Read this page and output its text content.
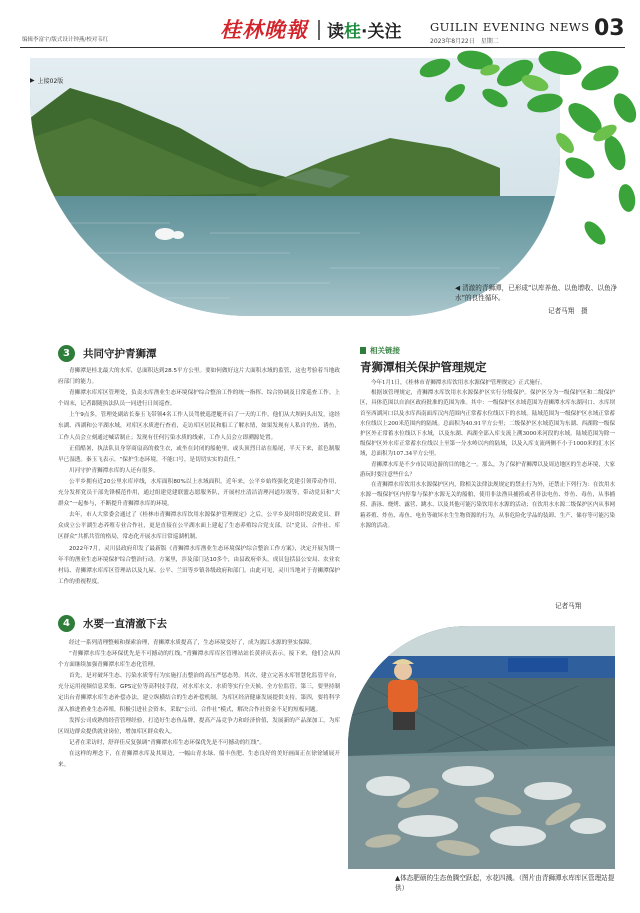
编辑李富宇/版式设计钟燕/校对韦红	桂林晚報 读桂·关注 GUILIN EVENING NEWS
2023年8月22日　星期二
03
▶ 上接02版
◀ 清澈的青狮潭，已形成“以库养鱼、以鱼增收、以鱼净水”的良性循环。
记者马翔　摄
3	共同守护青狮潭

青狮潭是桂北最大的水库，总面积达到28.5平方公里。要如何做好这片大面积水域的监管，这也考验着当地政府部门的能力。

青狮潭水库库区管理处，负责水库渔业生态环境保护综合整治工作的统一指挥、综合协调及日常巡查工作。上个周末，记者跟随执法队员一同进行日间巡查。

上午9点多，管理处副站长秦玉飞带领4名工作人员驾驶巡逻艇开启了一天的工作。他们从大坝码头出发，途经东湖、西湖和公平湖水域，对库区水质进行查看，走访库区居民和船工了解水情，如果发现有人私自钓鱼、诱鱼，工作人员会立刻通过喊话制止；发现有任何污染水质的线索，工作人员会立即溯源处置。

正值酷暑，执法队员身穿商扇高的救生衣，或坐在封闭的船舱里，或头顶烈日站在船尾，半天下来，蓝色制服早已湿透。秦玉飞表示，“保护生态环境，不能口号，是切切实实的责任。”

川河守护青狮潭水库的人还有很多。

公平乡拥有近20公里水库岸线，水库面积80%以上水域面积。近年来，公平乡始终强化党建引领带动作用，充分发挥党员干部先锋模范作用，通过组建党建联盟志愿服务队，开展村庄清洁清理河道垃圾等，带动党员和“大群众”一起参与，不断提升青狮潭水库的环境。

去年，市人大常委会通过了《桂林市青狮潭水库饮用水源保护管理规定》之后，公平乡及时组织党政党员、群众成立公平湖生态养殖专业合作社，更是直接在公平湖水面上建起了生态养殖综合党支部，以“党员、合作社、库区群众”共抓共管的格局，常态化开展水库日常巡湖机制。

2022年7月，灵川县政府印发了最新版《青狮潭水库渔业生态环境保护综合整治工作方案》，决定开展为期一年半的渔业生态环境保护综合整治行动。方案里，涉及部门达10多个，由县政府牵头，成员包括县公安局、农业农村局、青狮潭水库库区管理站以及九屋、公平、兰田等乡镇各级政府和部门。由此可见，灵川当地对于青狮潭保护工作的重视程度。

4	水要一直清澈下去

经过一系列清理整顿和探索治理，青狮潭水质提高了，生态环境变好了，成为漓江水源的坚实保障。

“青狮潭水库生态环保优先是不可撼动的红线。”青狮潭水库库区管理站站长黄祥庆表示，接下来，他们会从四个方面继续加强青狮潭水库生态化管理。

首先，是对破坏生态、污染水质等行为实施打击整治的高压严惩态势。其次，建立完善水库智慧化监管平台，充分运用视频信息采集、GPS定位等高科技手段，对水库水文、水质等实行全天候、全方位监管。第三，要坚持制定出台青狮潭水库生态补偿办法，建立纵横结合的生态补偿机制，为库区经济健康发展提供支持。第四，要将科学深入推进渔业生态养殖，积极引进社会资本，采取“公司、合作社”模式，解决合作社资金不足的短板问题。

发挥公司成熟的经营管理经验，打造好生态鱼品牌，提高产品竞争力和经济价值，发展新的产品深加工，为库区周边群众提供就业岗位，增加库区群众收入。

记者在采访时，舒祥佳反复强调“青狮潭水库生态环保优先是不可撼动的红线”。

在这样的理念下，在青狮潭水库及其周边，一幅山青水绿、船丰鱼肥、生态良好的美好画面正在徐徐铺展开来。

相关链接
青狮潭相关保护管理规定

今年1月1日，《桂林市青狮潭水库饮用水水源保护管理规定》正式施行。

根据该管理规定，青狮潭水库饮用水水源保护区实行分级保护。保护区分为一级保护区和二级保护区，具体范围以自治区政府批准的范围为准。其中：一级保护区水域范围为青狮潭水库东湖河口、水库坝首至西湖河口以及水库西南面库汉内范围内正常蓄水位线以下的水域。陆域范围为一级保护区水域正常蓄水位线以上200米范围内的陆域。总面积为40.91平方公里；二级保护区水域范围为东湖、西湖除一级保护区外正常蓄水位线以下水域，以及东湖、西湖全部入库支流上溯3000米河段的水域。陆域范围为除一级保护区外水库正常蓄水位线以上至第一分水岭以内的陆域，以及入库支流两侧不小于1000米的汇水区域，总面积为107.34平方公里。

青狮潭水库是不少市民周边游的目的地之一。那么，为了保护青狮潭以及周边地区的生态环境，大家游玩时要注意些什么？

在青狮潭水库饮用水水源保护区内，除相关法律法规规定的禁止行为外，还禁止下列行为：在饮用水水源一级保护区内停靠与保护水源无关的船舶，使用非法渔具捕捞或者非法电鱼、炸鱼、毒鱼，从事捕捞、游泳、烧烤、露营、跳水、以及其他可能污染饮用水水源的活动；在饮用水水源二级保护区内从事网箱养殖、炸鱼、毒鱼、电鱼等破坏水生生物资源的行为，从事危险化学品的装卸、生产、储存等可能污染水源的活动。

记者马翔
▲体态肥硕的生态鱼腾空跃起，水花四溅。（图片由青狮潭水库库区管理站提供）
